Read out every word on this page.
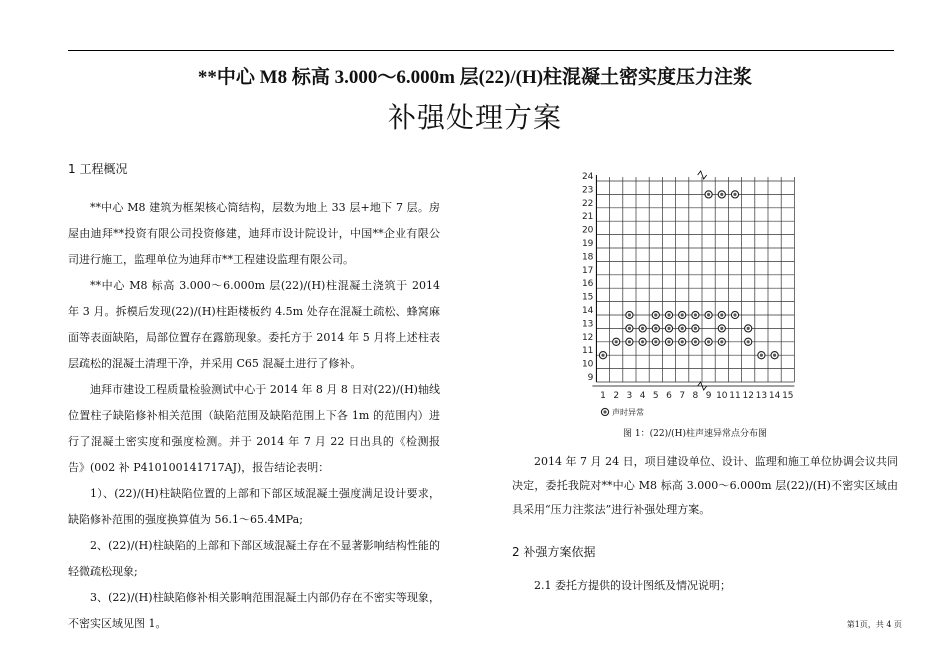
**中心 M8 标高 3.000～6.000m 层(22)/(H)柱混凝土密实度压力注浆
补强处理方案
1 工程概况

**中心 M8 建筑为框架核心筒结构，层数为地上 33 层+地下 7 层。房屋由迪拜**投资有限公司投资修建，迪拜市设计院设计，中国**企业有限公司进行施工，监理单位为迪拜市**工程建设监理有限公司。

**中心 M8 标高 3.000～6.000m 层(22)/(H)柱混凝土浇筑于 2014 年 3 月。拆模后发现(22)/(H)柱距楼板约 4.5m 处存在混凝土疏松、蜂窝麻面等表面缺陷，局部位置存在露筋现象。委托方于 2014 年 5 月将上述柱表层疏松的混凝土清理干净，并采用 C65 混凝土进行了修补。

迪拜市建设工程质量检验测试中心于 2014 年 8 月 8 日对(22)/(H)轴线位置柱子缺陷修补相关范围（缺陷范围及缺陷范围上下各 1m 的范围内）进行了混凝土密实度和强度检测。并于 2014 年 7 月 22 日出具的《检测报告》(002 补 P410100141717AJ)，报告结论表明：

1）、(22)/(H)柱缺陷位置的上部和下部区域混凝土强度满足设计要求，缺陷修补范围的强度换算值为 56.1～65.4MPa;

2、(22)/(H)柱缺陷的上部和下部区域混凝土存在不显著影响结构性能的轻微疏松现象;

3、(22)/(H)柱缺陷修补相关影响范围混凝土内部仍存在不密实等现象，不密实区域见图 1。

9
10
11
12
13
14
15
16
17
18
19
20
21
22
23
24
1 2 3 4 5 6 7 8 9 10 11 12 13 14 15
声时异常
图 1：(22)/(H)柱声速异常点分布图

2014 年 7 月 24 日，项目建设单位、设计、监理和施工单位协调会议共同决定，委托我院对**中心 M8 标高 3.000～6.000m 层(22)/(H)不密实区域由具采用“压力注浆法”进行补强处理方案。

2 补强方案依据

2.1 委托方提供的设计图纸及情况说明；

第1页，共 4 页
